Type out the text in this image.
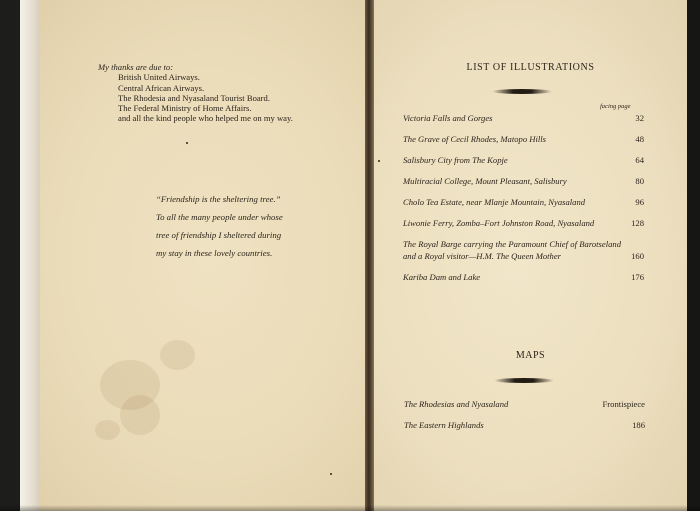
My thanks are due to:
British United Airways.
Central African Airways.
The Rhodesia and Nyasaland Tourist Board.
The Federal Ministry of Home Affairs.
and all the kind people who helped me on my way.
“Friendship is the sheltering tree.”
To all the many people under whose
tree of friendship I sheltered during
my stay in these lovely countries.
LIST OF ILLUSTRATIONS
facing page
Victoria Falls and Gorges	32
The Grave of Cecil Rhodes, Matopo Hills	48
Salisbury City from The Kopje	64
Multiracial College, Mount Pleasant, Salisbury	80
Cholo Tea Estate, near Mlanje Mountain, Nyasaland	96
Liwonie Ferry, Zomba–Fort Johnston Road, Nyasaland	128
The Royal Barge carrying the Paramount Chief of Barotseland and a Royal visitor—H.M. The Queen Mother	160
Kariba Dam and Lake	176
MAPS
The Rhodesias and Nyasaland	Frontispiece
The Eastern Highlands	186
